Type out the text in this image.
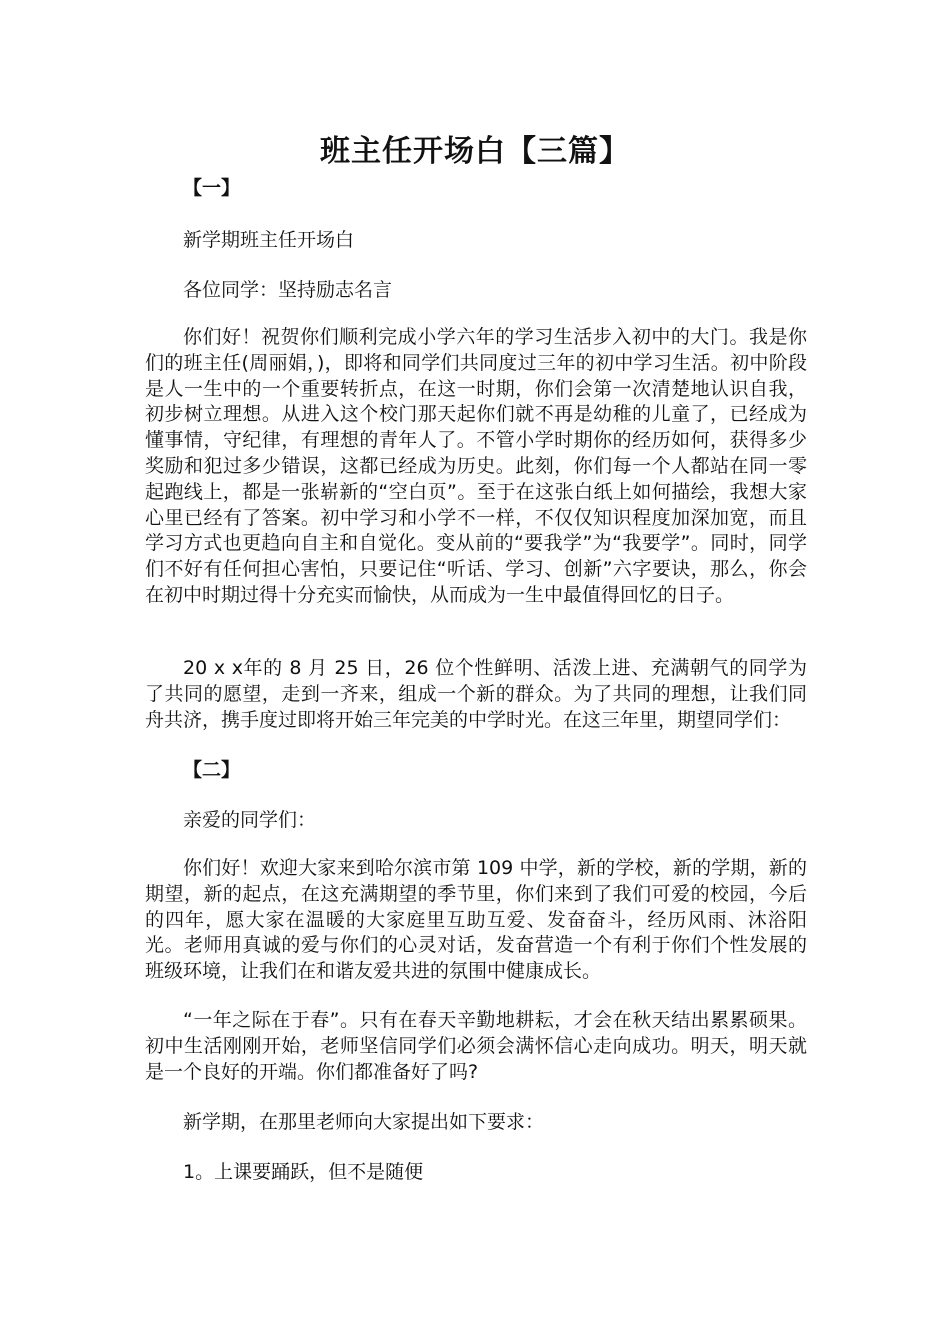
班主任开场白【三篇】

【一】

新学期班主任开场白

各位同学：坚持励志名言

你们好！祝贺你们顺利完成小学六年的学习生活步入初中的大门。我是你们的班主任(周丽娟，)，即将和同学们共同度过三年的初中学习生活。初中阶段是人一生中的一个重要转折点，在这一时期，你们会第一次清楚地认识自我，初步树立理想。从进入这个校门那天起你们就不再是幼稚的儿童了，已经成为懂事情，守纪律，有理想的青年人了。不管小学时期你的经历如何，获得多少奖励和犯过多少错误，这都已经成为历史。此刻，你们每一个人都站在同一零起跑线上，都是一张崭新的“空白页”。至于在这张白纸上如何描绘，我想大家心里已经有了答案。初中学习和小学不一样，不仅仅知识程度加深加宽，而且学习方式也更趋向自主和自觉化。变从前的“要我学”为“我要学”。同时，同学们不好有任何担心害怕，只要记住“听话、学习、创新”六字要诀，那么，你会在初中时期过得十分充实而愉快，从而成为一生中最值得回忆的日子。

20 x x年的 8 月 25 日，26 位个性鲜明、活泼上进、充满朝气的同学为了共同的愿望，走到一齐来，组成一个新的群众。为了共同的理想，让我们同舟共济，携手度过即将开始三年完美的中学时光。在这三年里，期望同学们：

【二】

亲爱的同学们：

你们好！欢迎大家来到哈尔滨市第 109 中学，新的学校，新的学期，新的期望，新的起点，在这充满期望的季节里，你们来到了我们可爱的校园，今后的四年，愿大家在温暖的大家庭里互助互爱、发奋奋斗，经历风雨、沐浴阳光。老师用真诚的爱与你们的心灵对话，发奋营造一个有利于你们个性发展的班级环境，让我们在和谐友爱共进的氛围中健康成长。

“一年之际在于春”。只有在春天辛勤地耕耘，才会在秋天结出累累硕果。初中生活刚刚开始，老师坚信同学们必须会满怀信心走向成功。明天，明天就是一个良好的开端。你们都准备好了吗?

新学期，在那里老师向大家提出如下要求：

1。上课要踊跃，但不是随便
